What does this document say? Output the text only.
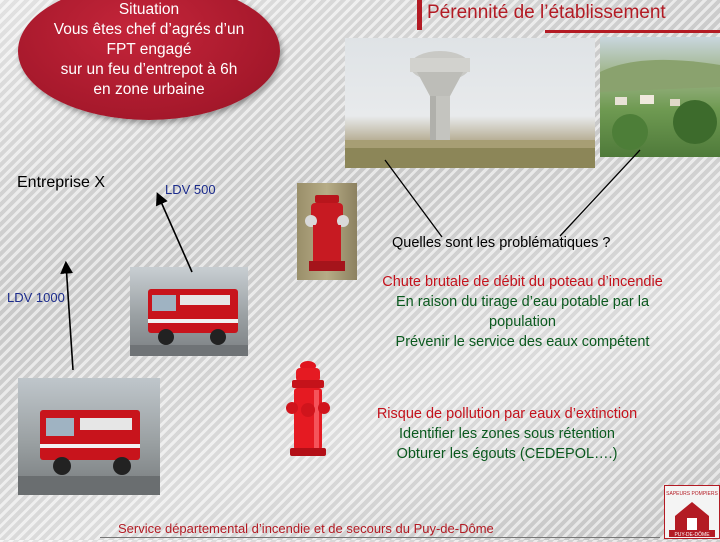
Situation
Vous êtes chef d’agrés d’un
FPT engagé
sur un feu d’entrepot à 6h
en zone urbaine
Pérennité de l’établissement
SAPEURS POMPIERS
PUY-DE-DÔME
Entreprise X	LDV 500
LDV 1000
Quelles sont les problématiques ?
Chute brutale de débit du poteau d’incendie
En raison du tirage d’eau potable par la
population
Prévenir le service des eaux compétent
Risque de pollution par eaux d’extinction
Identifier les zones sous rétention
Obturer les égouts (CEDEPOL….)
Service départemental d’incendie et de secours du Puy-de-Dôme
